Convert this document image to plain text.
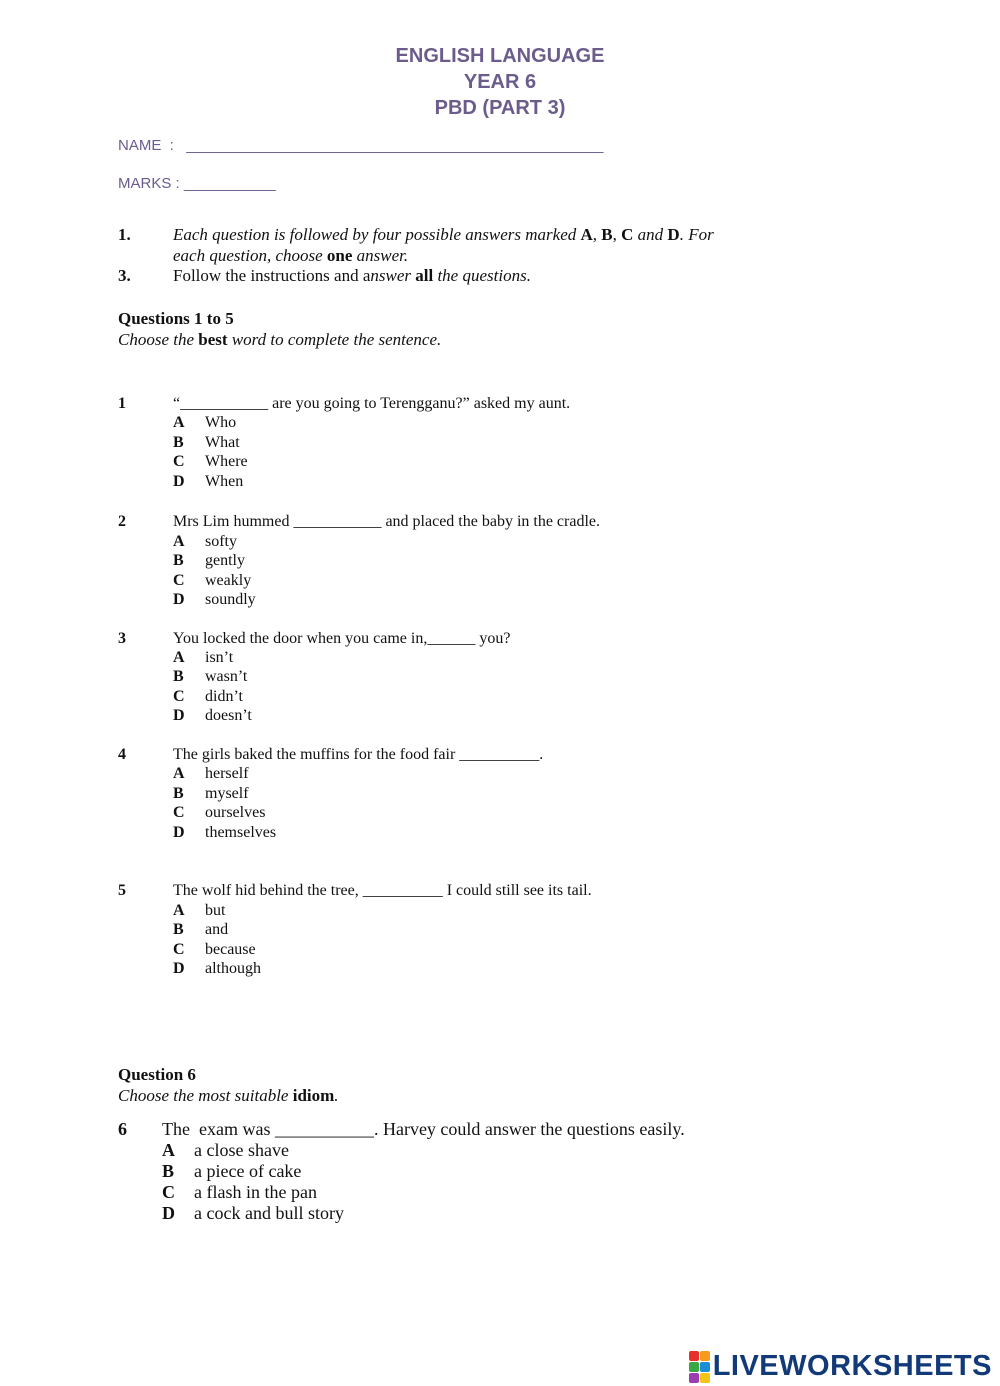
ENGLISH LANGUAGE
YEAR 6
PBD (PART 3)
NAME  :   __________________________________________________
MARKS : ___________
1. Each question is followed by four possible answers marked A, B, C and D. For
each question, choose one answer.
3. Follow the instructions and answer all the questions.
Questions 1 to 5
Choose the best word to complete the sentence.
1	“___________ are you going to Terengganu?” asked my aunt.
A Who
B What
C Where
D When
2	Mrs Lim hummed ___________ and placed the baby in the cradle.
A softy
B gently
C weakly
D soundly
3	You locked the door when you came in,______ you?
A isn’t
B wasn’t
C didn’t
D doesn’t
4	The girls baked the muffins for the food fair __________.
A herself
B myself
C ourselves
D themselves
5	The wolf hid behind the tree, __________ I could still see its tail.
A but
B and
C because
D although
Question 6
Choose the most suitable idiom.
6 The  exam was ___________. Harvey could answer the questions easily.
A a close shave
B a piece of cake
C a flash in the pan
D a cock and bull story
LIVEWORKSHEETS
